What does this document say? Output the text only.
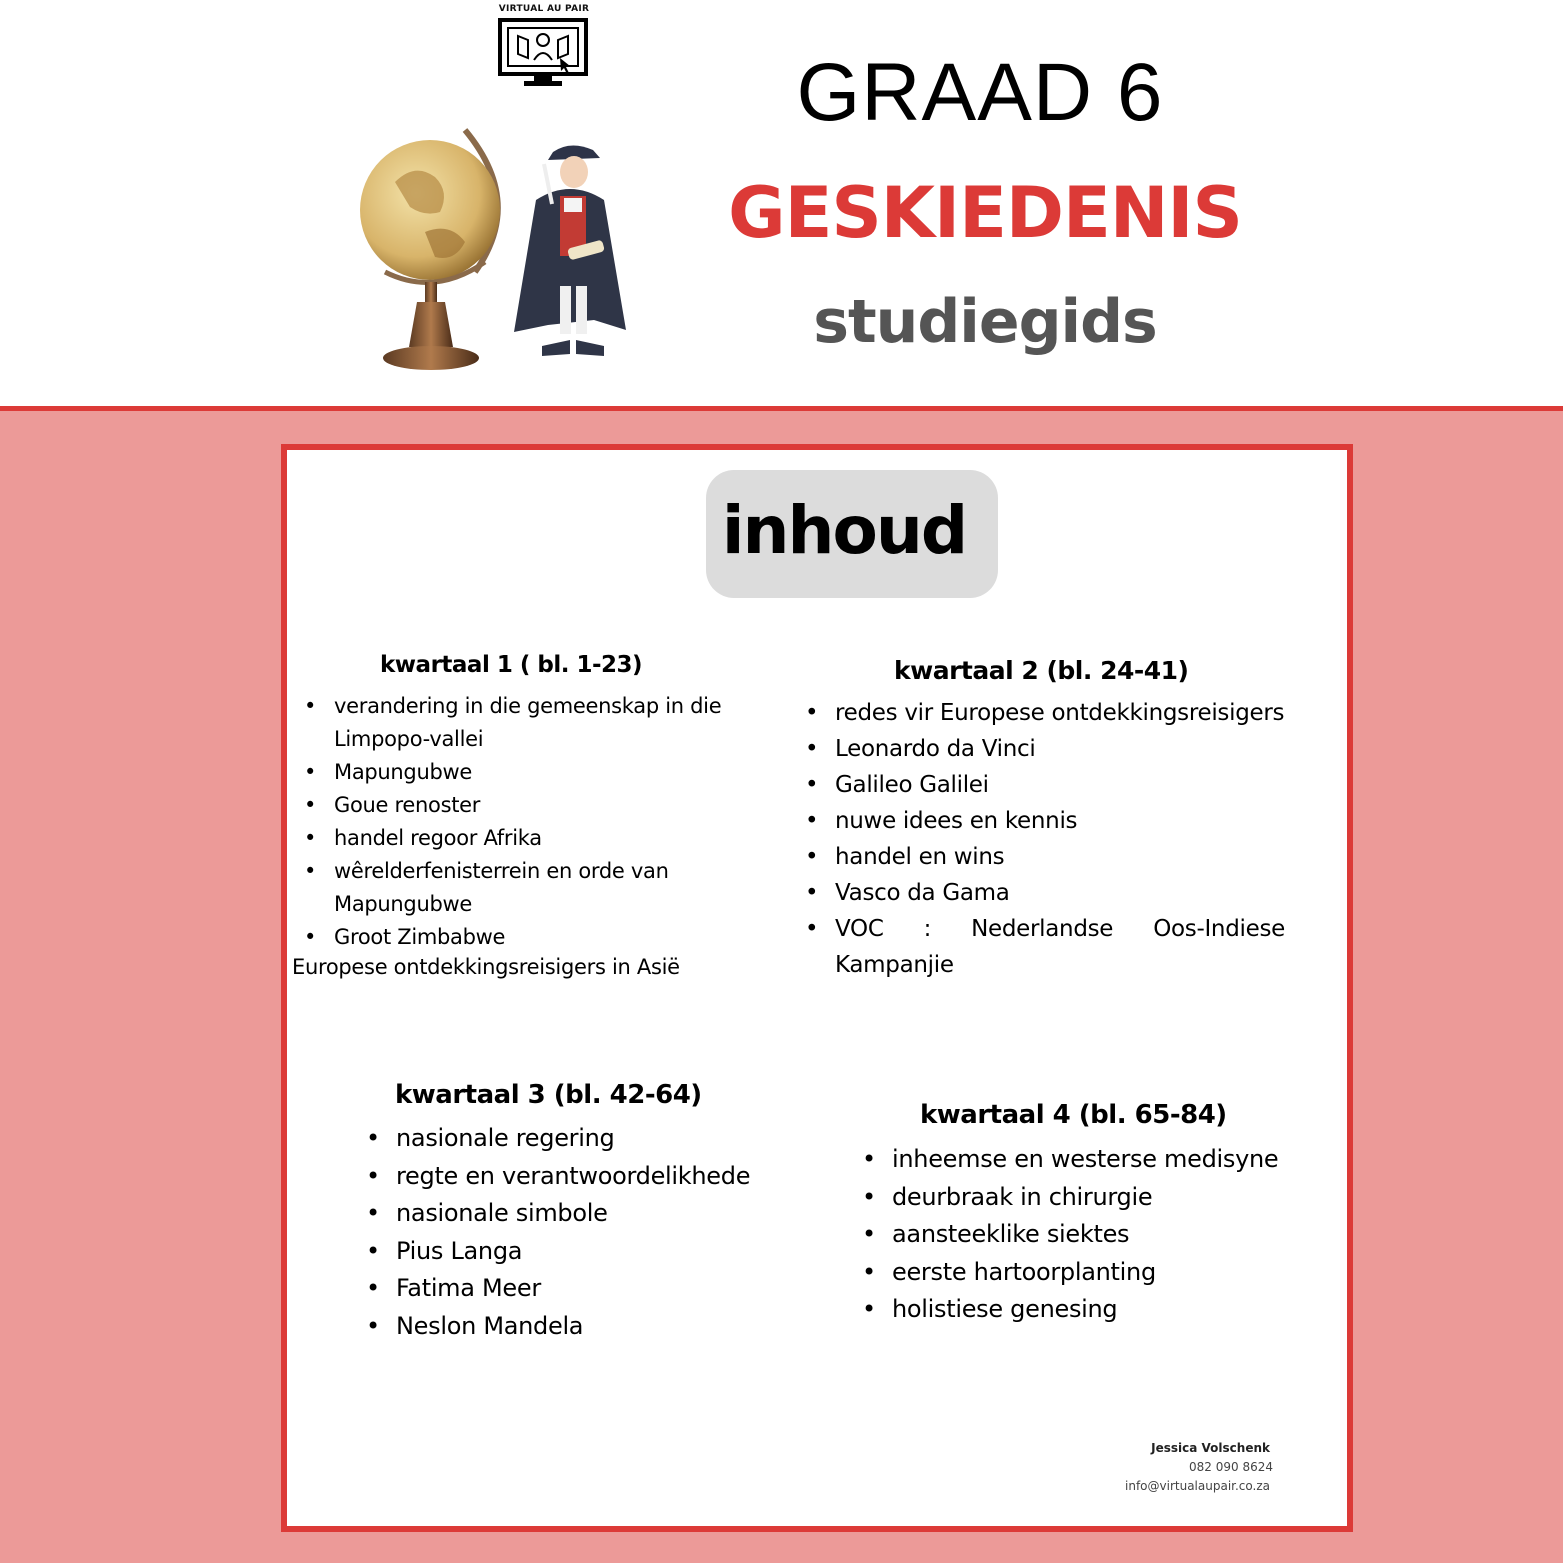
VIRTUAL AU PAIR
GRAAD 6
GESKIEDENIS
studiegids
inhoud
kwartaal 1 ( bl. 1-23)
• verandering in die gemeenskap in die Limpopo-vallei
• Mapungubwe
• Goue renoster
• handel regoor Afrika
• wêrelderfenisterrein en orde van Mapungubwe
• Groot Zimbabwe
Europese ontdekkingsreisigers in Asië
kwartaal 2 (bl. 24-41)
• redes vir Europese ontdekkingsreisigers
• Leonardo da Vinci
• Galileo Galilei
• nuwe idees en kennis
• handel en wins
• Vasco da Gama
• VOC : Nederlandse Oos-Indiese Kampanjie
kwartaal 3 (bl. 42-64)
• nasionale regering
• regte en verantwoordelikhede
• nasionale simbole
• Pius Langa
• Fatima Meer
• Neslon Mandela
kwartaal 4 (bl. 65-84)
• inheemse en westerse medisyne
• deurbraak in chirurgie
• aansteeklike siektes
• eerste hartoorplanting
• holistiese genesing
Jessica Volschenk
082 090 8624
info@virtualaupair.co.za
